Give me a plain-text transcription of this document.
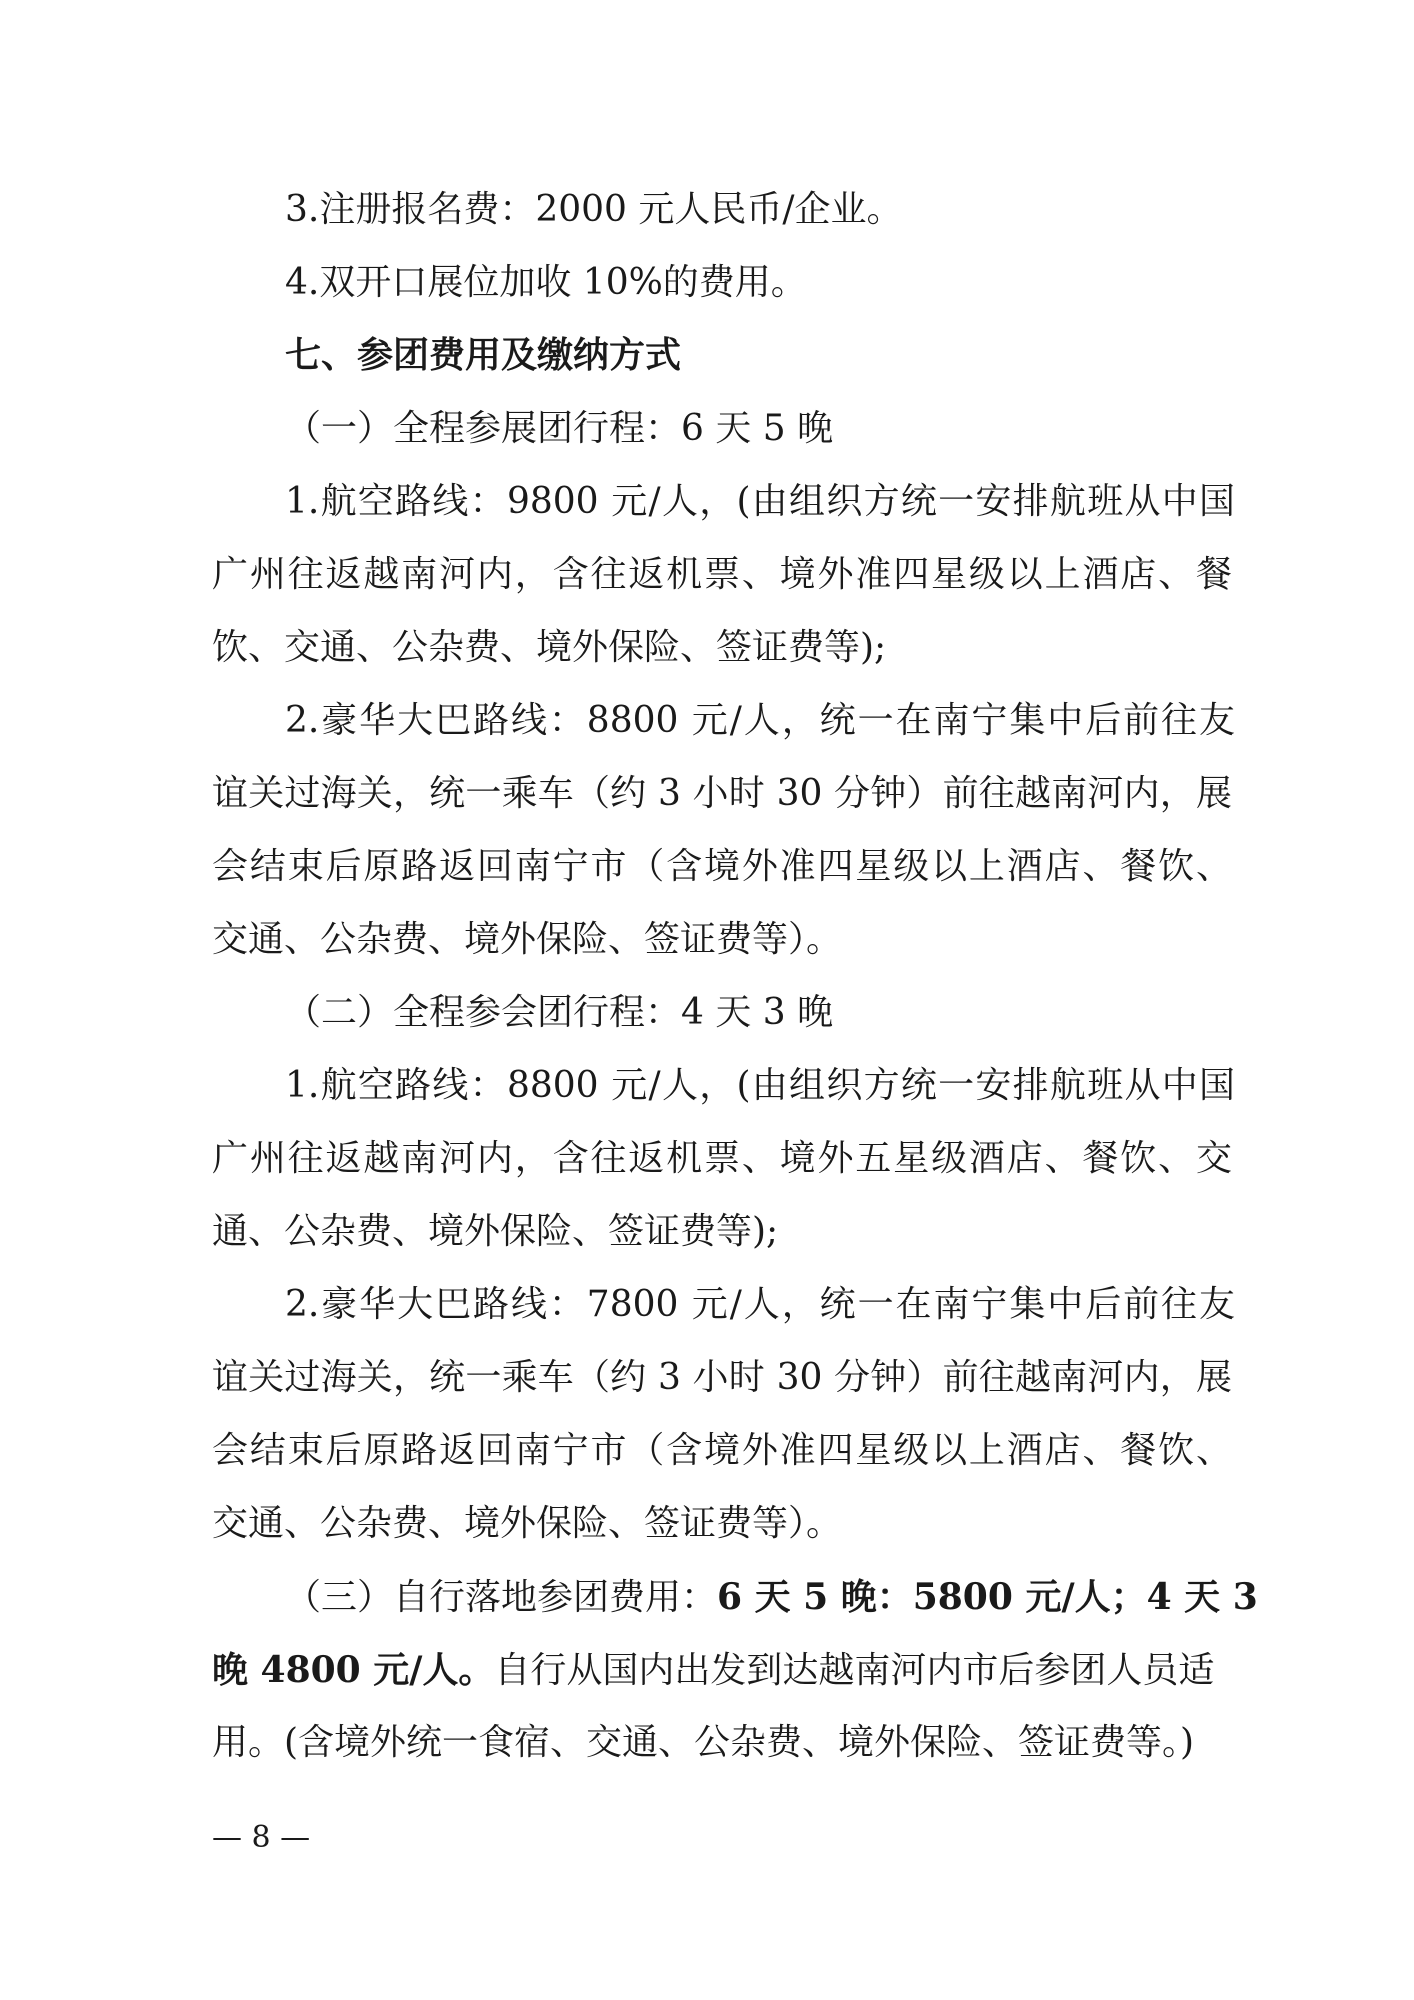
3.注册报名费：2000 元人民币/企业。
4.双开口展位加收 10%的费用。
七、参团费用及缴纳方式
（一）全程参展团行程：6 天 5 晚
1.航空路线：9800 元/人，(由组织方统一安排航班从中国
广州往返越南河内，含往返机票、境外准四星级以上酒店、餐
饮、交通、公杂费、境外保险、签证费等);
2.豪华大巴路线：8800 元/人，统一在南宁集中后前往友
谊关过海关，统一乘车（约 3 小时 30 分钟）前往越南河内，展
会结束后原路返回南宁市（含境外准四星级以上酒店、餐饮、
交通、公杂费、境外保险、签证费等）。
（二）全程参会团行程：4 天 3 晚
1.航空路线：8800 元/人，(由组织方统一安排航班从中国
广州往返越南河内，含往返机票、境外五星级酒店、餐饮、交
通、公杂费、境外保险、签证费等);
2.豪华大巴路线：7800 元/人，统一在南宁集中后前往友
谊关过海关，统一乘车（约 3 小时 30 分钟）前往越南河内，展
会结束后原路返回南宁市（含境外准四星级以上酒店、餐饮、
交通、公杂费、境外保险、签证费等）。
（三）自行落地参团费用：6 天 5 晚：5800 元/人；4 天 3
晚 4800 元/人。自行从国内出发到达越南河内市后参团人员适
用。(含境外统一食宿、交通、公杂费、境外保险、签证费等。)
— 8 —
